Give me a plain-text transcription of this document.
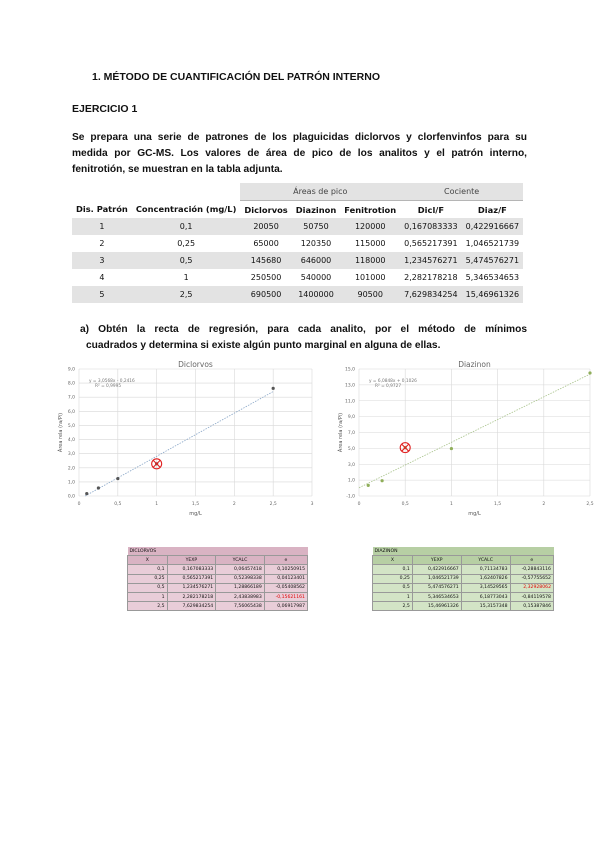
1. MÉTODO DE CUANTIFICACIÓN DEL PATRÓN INTERNO
EJERCICIO 1
Se prepara una serie de patrones de los plaguicidas diclorvos y clorfenvinfos para su
medida por GC-MS. Los valores de área de pico de los analitos y el patrón interno,
fenitrotión, se muestran en la tabla adjunta.
		Áreas de pico			Cociente	
Dis. Patrón	Concentración (mg/L)	Diclorvos	Diazinon	Fenitrotion	Dicl/F	Diaz/F
1	0,1	20050	50750	120000	0,167083333	0,422916667
2	0,25	65000	120350	115000	0,565217391	1,046521739
3	0,5	145680	646000	118000	1,234576271	5,474576271
4	1	250500	540000	101000	2,282178218	5,346534653
5	2,5	690500	1400000	90500	7,629834254	15,46961326
a) Obtén la recta de regresión, para cada analito, por el método de mínimos
cuadrados y determina si existe algún punto marginal en alguna de ellas.
0	0,5	1	1,5	2	2,5	3
0,0
1,0
2,0
3,0
4,0
5,0
6,0
7,0
8,0
9,0
Diclorvos
mg/L
Área rela (ra/Pi)
y = 3,0568x - 0,2416
R² = 0,9995
0	0,5	1	1,5	2	2,5
-1,0
1,0
3,0
5,0
7,0
9,0
11,0
13,0
15,0
Diazinon
mg/L
Área rela (ra/Pi)
y = 6,0848x + 0,1026
R² = 0,9727
DICLORVOS			
X	YEXP	YCALC	e
0,1	0,167083333	0,06457418	0,10250915
0,25	0,565217391	0,52398338	0,04123401
0,5	1,234576271	1,28866189	-0,05408562
1	2,282178218	2,43838983	-0,15621161
2,5	7,629834254	7,56065438	0,06917987
DIAZINON			
X	YEXP	YCALC	e
0,1	0,422916667	0,71134783	-0,28843116
0,25	1,046521739	1,62407826	-0,57755652
0,5	5,474576271	3,14529565	2,32928062
1	5,346534653	6,18773043	-0,84119578
2,5	15,46961326	15,3157348	0,15387846
